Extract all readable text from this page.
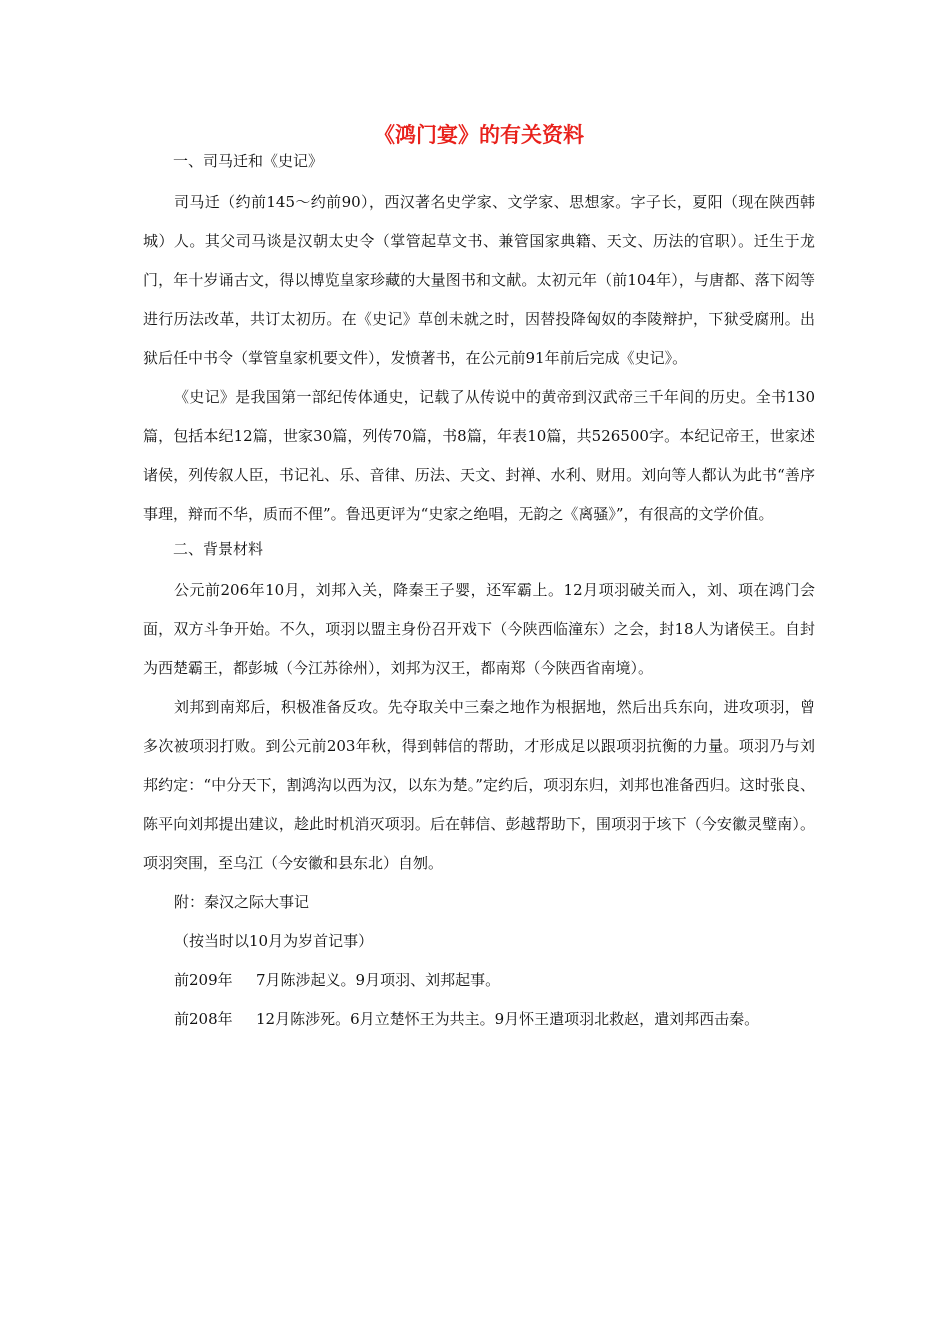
《鸿门宴》的有关资料
一、司马迁和《史记》

司马迁（约前145～约前90），西汉著名史学家、文学家、思想家。字子长，夏阳（现在陕西韩城）人。其父司马谈是汉朝太史令（掌管起草文书、兼管国家典籍、天文、历法的官职）。迁生于龙门，年十岁诵古文，得以博览皇家珍藏的大量图书和文献。太初元年（前104年），与唐都、落下闳等进行历法改革，共订太初历。在《史记》草创未就之时，因替投降匈奴的李陵辩护，下狱受腐刑。出狱后任中书令（掌管皇家机要文件），发愤著书，在公元前91年前后完成《史记》。

《史记》是我国第一部纪传体通史，记载了从传说中的黄帝到汉武帝三千年间的历史。全书130篇，包括本纪12篇，世家30篇，列传70篇，书8篇，年表10篇，共526500字。本纪记帝王，世家述诸侯，列传叙人臣，书记礼、乐、音律、历法、天文、封禅、水利、财用。刘向等人都认为此书“善序事理，辩而不华，质而不俚”。鲁迅更评为“史家之绝唱，无韵之《离骚》”，有很高的文学价值。

二、背景材料

公元前206年10月，刘邦入关，降秦王子婴，还军霸上。12月项羽破关而入，刘、项在鸿门会面，双方斗争开始。不久，项羽以盟主身份召开戏下（今陕西临潼东）之会，封18人为诸侯王。自封为西楚霸王，都彭城（今江苏徐州），刘邦为汉王，都南郑（今陕西省南境）。

刘邦到南郑后，积极准备反攻。先夺取关中三秦之地作为根据地，然后出兵东向，进攻项羽，曾多次被项羽打败。到公元前203年秋，得到韩信的帮助，才形成足以跟项羽抗衡的力量。项羽乃与刘邦约定：“中分天下，割鸿沟以西为汉，以东为楚。”定约后，项羽东归，刘邦也准备西归。这时张良、陈平向刘邦提出建议，趁此时机消灭项羽。后在韩信、彭越帮助下，围项羽于垓下（今安徽灵璧南）。项羽突围，至乌江（今安徽和县东北）自刎。

附：秦汉之际大事记

（按当时以10月为岁首记事）

前209年 7月陈涉起义。9月项羽、刘邦起事。
前208年 12月陈涉死。6月立楚怀王为共主。9月怀王遣项羽北救赵，遣刘邦西击秦。
